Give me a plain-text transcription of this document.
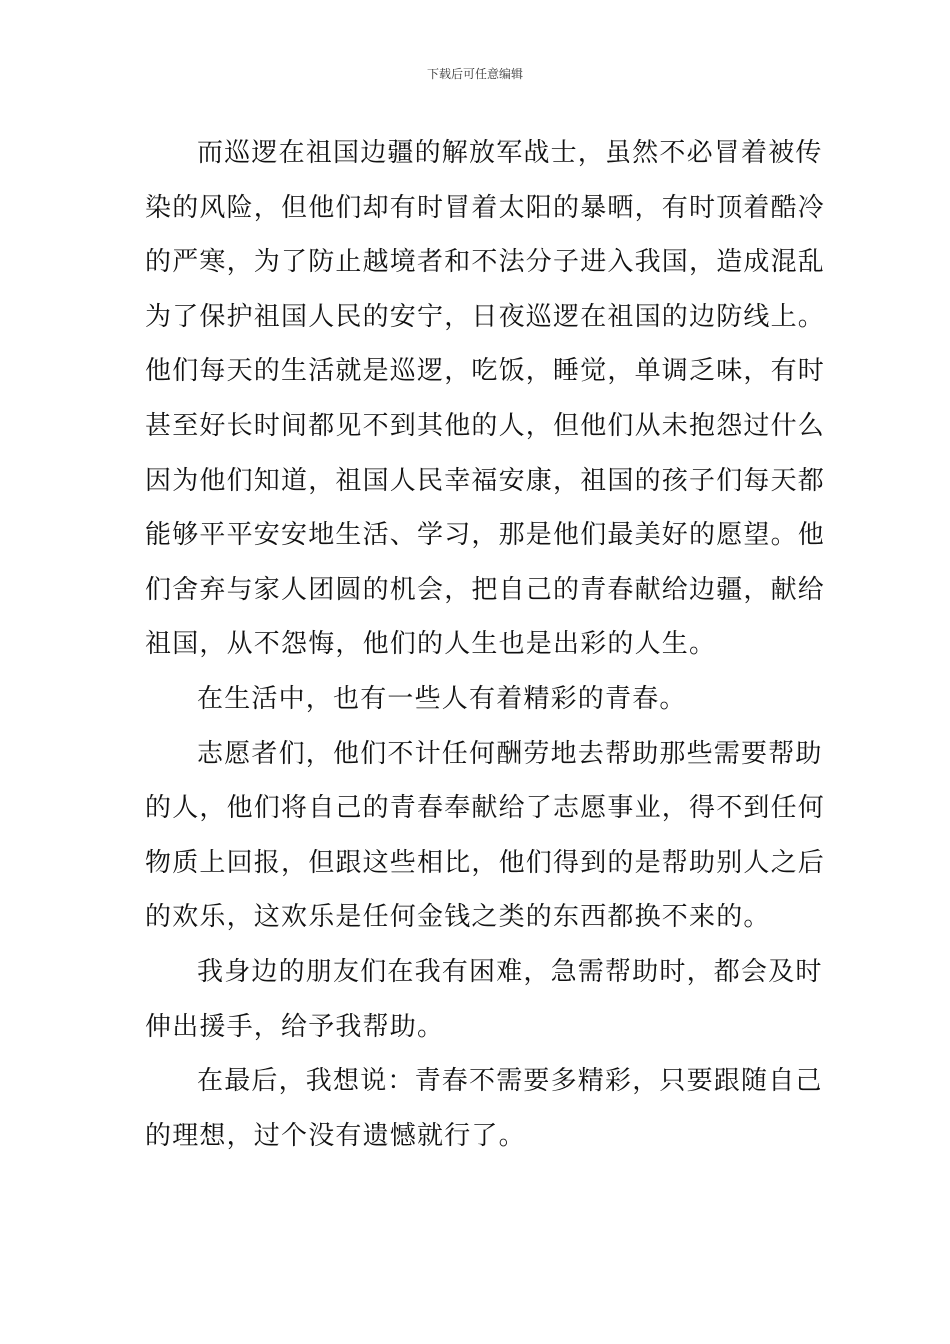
下载后可任意编辑

而巡逻在祖国边疆的解放军战士，虽然不必冒着被传
染的风险，但他们却有时冒着太阳的暴晒，有时顶着酷冷
的严寒，为了防止越境者和不法分子进入我国，造成混乱
为了保护祖国人民的安宁，日夜巡逻在祖国的边防线上。
他们每天的生活就是巡逻，吃饭，睡觉，单调乏味，有时
甚至好长时间都见不到其他的人，但他们从未抱怨过什么
因为他们知道，祖国人民幸福安康，祖国的孩子们每天都
能够平平安安地生活、学习，那是他们最美好的愿望。他
们舍弃与家人团圆的机会，把自己的青春献给边疆，献给
祖国，从不怨悔，他们的人生也是出彩的人生。

在生活中，也有一些人有着精彩的青春。

志愿者们，他们不计任何酬劳地去帮助那些需要帮助
的人，他们将自己的青春奉献给了志愿事业，得不到任何
物质上回报，但跟这些相比，他们得到的是帮助别人之后
的欢乐，这欢乐是任何金钱之类的东西都换不来的。

我身边的朋友们在我有困难，急需帮助时，都会及时
伸出援手，给予我帮助。

在最后，我想说：青春不需要多精彩，只要跟随自己
的理想，过个没有遗憾就行了。
